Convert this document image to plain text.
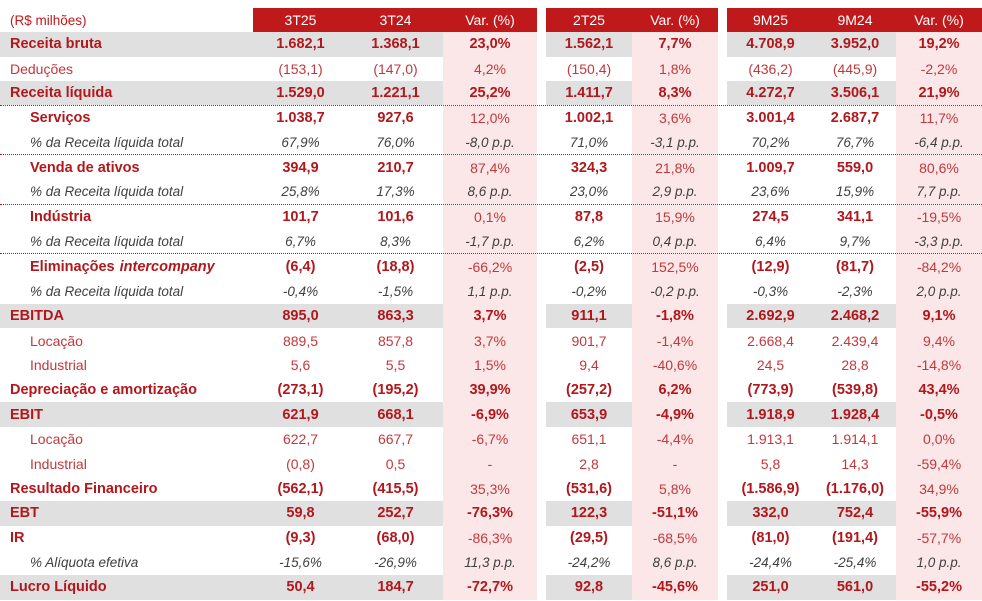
(R$ milhões)	3T25	3T24	Var. (%)	2T25	Var. (%)	9M25	9M24	Var. (%)
Receita bruta	1.682,1	1.368,1	23,0%	1.562,1	7,7%	4.708,9	3.952,0	19,2%
Deduções	(153,1)	(147,0)	4,2%	(150,4)	1,8%	(436,2)	(445,9)	-2,2%
Receita líquida	1.529,0	1.221,1	25,2%	1.411,7	8,3%	4.272,7	3.506,1	21,9%
Serviços	1.038,7	927,6	12,0%	1.002,1	3,6%	3.001,4	2.687,7	11,7%
% da Receita líquida total	67,9%	76,0%	-8,0 p.p.	71,0%	-3,1 p.p.	70,2%	76,7%	-6,4 p.p.
Venda de ativos	394,9	210,7	87,4%	324,3	21,8%	1.009,7	559,0	80,6%
% da Receita líquida total	25,8%	17,3%	8,6 p.p.	23,0%	2,9 p.p.	23,6%	15,9%	7,7 p.p.
Indústria	101,7	101,6	0,1%	87,8	15,9%	274,5	341,1	-19,5%
% da Receita líquida total	6,7%	8,3%	-1,7 p.p.	6,2%	0,4 p.p.	6,4%	9,7%	-3,3 p.p.
Eliminações intercompany	(6,4)	(18,8)	-66,2%	(2,5)	152,5%	(12,9)	(81,7)	-84,2%
% da Receita líquida total	-0,4%	-1,5%	1,1 p.p.	-0,2%	-0,2 p.p.	-0,3%	-2,3%	2,0 p.p.
EBITDA	895,0	863,3	3,7%	911,1	-1,8%	2.692,9	2.468,2	9,1%
Locação	889,5	857,8	3,7%	901,7	-1,4%	2.668,4	2.439,4	9,4%
Industrial	5,6	5,5	1,5%	9,4	-40,6%	24,5	28,8	-14,8%
Depreciação e amortização	(273,1)	(195,2)	39,9%	(257,2)	6,2%	(773,9)	(539,8)	43,4%
EBIT	621,9	668,1	-6,9%	653,9	-4,9%	1.918,9	1.928,4	-0,5%
Locação	622,7	667,7	-6,7%	651,1	-4,4%	1.913,1	1.914,1	0,0%
Industrial	(0,8)	0,5	-	2,8	-	5,8	14,3	-59,4%
Resultado Financeiro	(562,1)	(415,5)	35,3%	(531,6)	5,8%	(1.586,9)	(1.176,0)	34,9%
EBT	59,8	252,7	-76,3%	122,3	-51,1%	332,0	752,4	-55,9%
IR	(9,3)	(68,0)	-86,3%	(29,5)	-68,5%	(81,0)	(191,4)	-57,7%
% Alíquota efetiva	-15,6%	-26,9%	11,3 p.p.	-24,2%	8,6 p.p.	-24,4%	-25,4%	1,0 p.p.
Lucro Líquido	50,4	184,7	-72,7%	92,8	-45,6%	251,0	561,0	-55,2%
